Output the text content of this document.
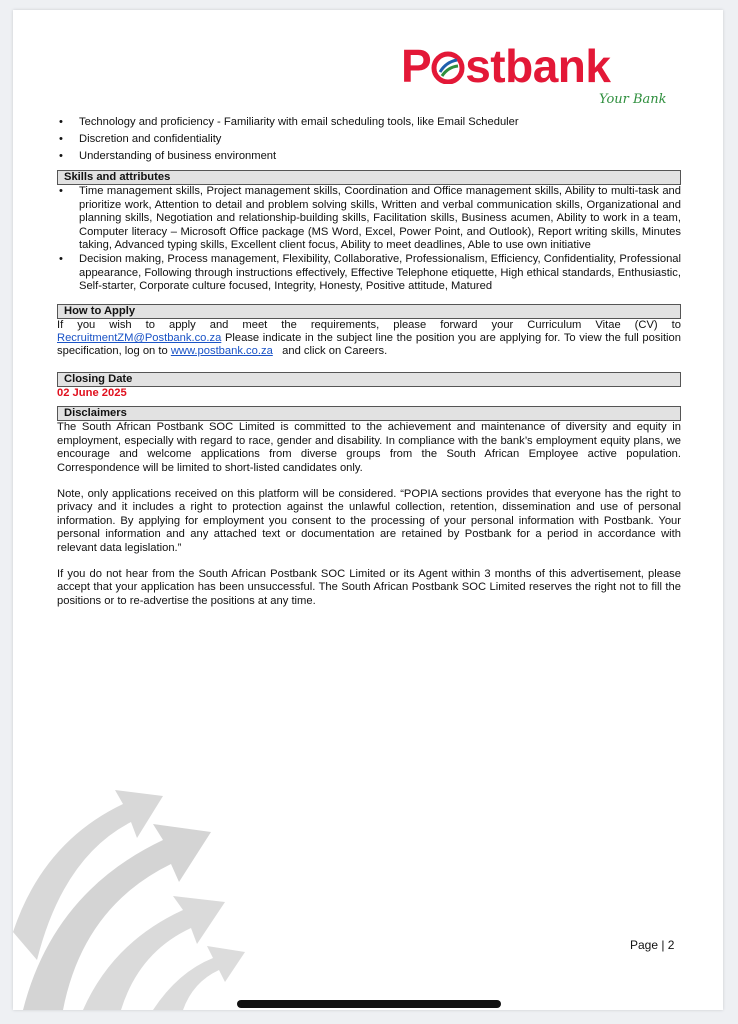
P stbank
Your Bank
• Technology and proficiency - Familiarity with email scheduling tools, like Email Scheduler
• Discretion and confidentiality
• Understanding of business environment
Skills and attributes
• Time management skills, Project management skills, Coordination and Office management skills, Ability to multi-task and prioritize work, Attention to detail and problem solving skills, Written and verbal communication skills, Organizational and planning skills, Negotiation and relationship-building skills, Facilitation skills, Business acumen, Ability to work in a team, Computer literacy – Microsoft Office package (MS Word, Excel, Power Point, and Outlook), Report writing skills, Minutes taking, Advanced typing skills, Excellent client focus, Ability to meet deadlines, Able to use own initiative
• Decision making, Process management, Flexibility, Collaborative, Professionalism, Efficiency, Confidentiality, Professional appearance, Following through instructions effectively, Effective Telephone etiquette, High ethical standards, Enthusiastic, Self-starter, Corporate culture focused, Integrity, Honesty, Positive attitude, Matured
How to Apply
If you wish to apply and meet the requirements, please forward your Curriculum Vitae (CV) to RecruitmentZM@Postbank.co.za Please indicate in the subject line the position you are applying for. To view the full position specification, log on to www.postbank.co.za   and click on Careers.
Closing Date
02 June 2025
Disclaimers
The South African Postbank SOC Limited is committed to the achievement and maintenance of diversity and equity in employment, especially with regard to race, gender and disability. In compliance with the bank’s employment equity plans, we encourage and welcome applications from diverse groups from the South African Employee active population. Correspondence will be limited to short-listed candidates only.
Note, only applications received on this platform will be considered. “POPIA sections provides that everyone has the right to privacy and it includes a right to protection against the unlawful collection, retention, dissemination and use of personal information. By applying for employment you consent to the processing of your personal information with Postbank. Your personal information and any attached text or documentation are retained by Postbank for a period in accordance with relevant data legislation.”
If you do not hear from the South African Postbank SOC Limited or its Agent within 3 months of this advertisement, please accept that your application has been unsuccessful. The South African Postbank SOC Limited reserves the right not to fill the positions or to re-advertise the positions at any time.
Page | 2
